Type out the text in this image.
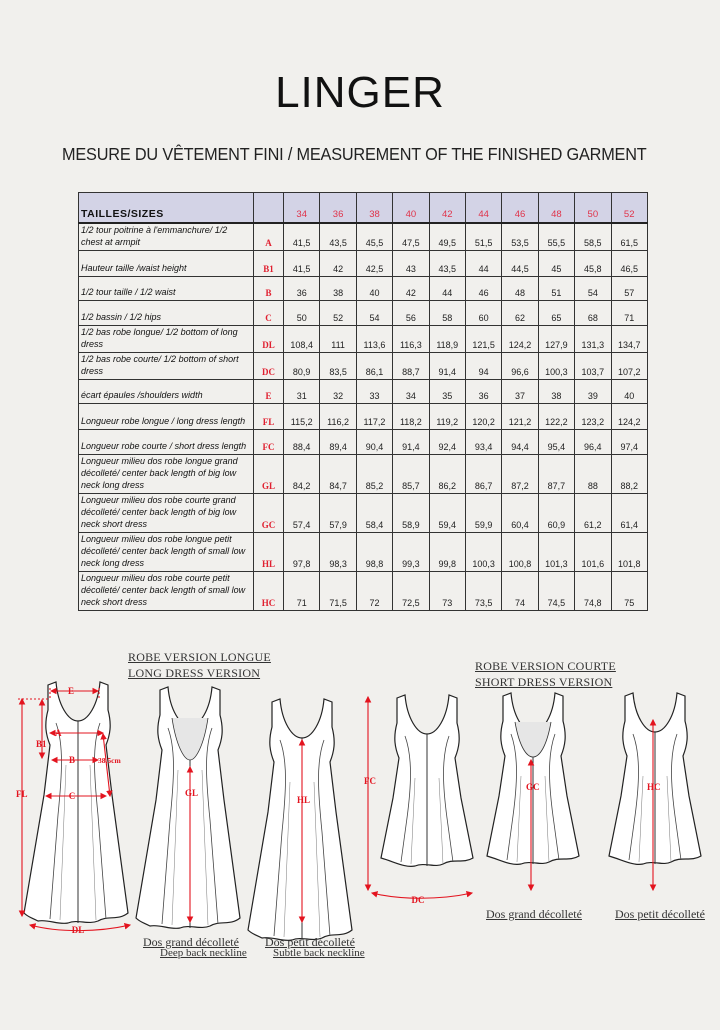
LINGER
MESURE DU VÊTEMENT FINI / MEASUREMENT OF THE FINISHED GARMENT
TAILLES/SIZES		34	36	38	40	42	44	46	48	50	52
1/2 tour poitrine à l'emmanchure/ 1/2 chest at armpit	A	41,5	43,5	45,5	47,5	49,5	51,5	53,5	55,5	58,5	61,5
Hauteur taille /waist height	B1	41,5	42	42,5	43	43,5	44	44,5	45	45,8	46,5
1/2 tour taille / 1/2 waist	B	36	38	40	42	44	46	48	51	54	57
1/2 bassin / 1/2 hips	C	50	52	54	56	58	60	62	65	68	71
1/2 bas robe longue/ 1/2 bottom of long dress	DL	108,4	111	113,6	116,3	118,9	121,5	124,2	127,9	131,3	134,7
1/2 bas robe courte/ 1/2 bottom of short dress	DC	80,9	83,5	86,1	88,7	91,4	94	96,6	100,3	103,7	107,2
écart épaules /shoulders width	E	31	32	33	34	35	36	37	38	39	40
Longueur robe longue / long dress length	FL	115,2	116,2	117,2	118,2	119,2	120,2	121,2	122,2	123,2	124,2
Longueur robe courte / short dress length	FC	88,4	89,4	90,4	91,4	92,4	93,4	94,4	95,4	96,4	97,4
Longueur milieu dos robe longue grand décolleté/ center back length of big low neck long dress	GL	84,2	84,7	85,2	85,7	86,2	86,7	87,2	87,7	88	88,2
Longueur milieu dos robe courte grand décolleté/ center back length of big low neck short dress	GC	57,4	57,9	58,4	58,9	59,4	59,9	60,4	60,9	61,2	61,4
Longueur milieu dos robe longue petit décolleté/ center back length of small low neck long dress	HL	97,8	98,3	98,8	99,3	99,8	100,3	100,8	101,3	101,6	101,8
Longueur milieu dos robe courte petit décolleté/ center back length of small low neck short dress	HC	71	71,5	72	72,5	73	73,5	74	74,5	74,8	75
E
A
B1
B
C
FL
38.5cm
DL
GL
HL
FC
DC
GC	HC
ROBE VERSION LONGUE
LONG DRESS VERSION	ROBE VERSION COURTE
SHORT DRESS VERSION
Dos grand décolleté
Deep back neckline
Dos petit décolleté
Subtle back neckline
Dos grand décolleté	Dos petit décolleté
